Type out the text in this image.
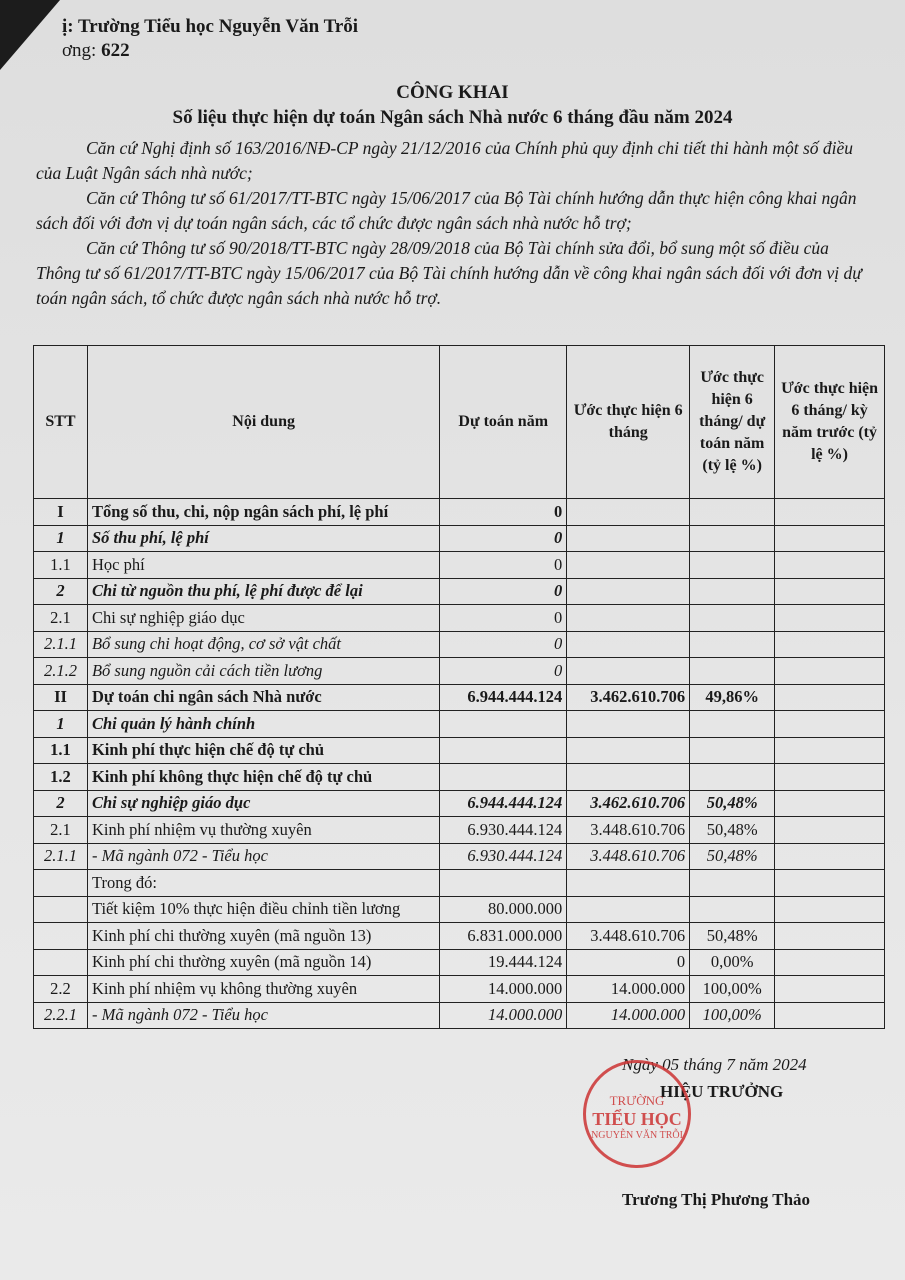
ị: Trường Tiểu học Nguyễn Văn Trỗi
ơng: 622
CÔNG KHAI
Số liệu thực hiện dự toán Ngân sách Nhà nước 6 tháng đầu năm 2024

Căn cứ Nghị định số 163/2016/NĐ-CP ngày 21/12/2016 của Chính phủ quy định chi tiết thi hành một số điều của Luật Ngân sách nhà nước;

Căn cứ Thông tư số 61/2017/TT-BTC ngày 15/06/2017 của Bộ Tài chính hướng dẫn thực hiện công khai ngân sách đối với đơn vị dự toán ngân sách, các tổ chức được ngân sách nhà nước hỗ trợ;

Căn cứ Thông tư số 90/2018/TT-BTC ngày 28/09/2018 của Bộ Tài chính sửa đổi, bổ sung một số điều của Thông tư số 61/2017/TT-BTC ngày 15/06/2017 của Bộ Tài chính hướng dẫn về công khai ngân sách đối với đơn vị dự toán ngân sách, tổ chức được ngân sách nhà nước hỗ trợ.

STT	Nội dung	Dự toán năm	Ước thực hiện 6 tháng	Ước thực hiện 6 tháng/ dự toán năm (tỷ lệ %)	Ước thực hiện 6 tháng/ kỳ năm trước (tỷ lệ %)
I	Tổng số thu, chi, nộp ngân sách phí, lệ phí	0			
1	Số thu phí, lệ phí	0			
1.1	Học phí	0			
2	Chi từ nguồn thu phí, lệ phí được để lại	0			
2.1	Chi sự nghiệp giáo dục	0			
2.1.1	Bổ sung chi hoạt động, cơ sở vật chất	0			
2.1.2	Bổ sung nguồn cải cách tiền lương	0			
II	Dự toán chi ngân sách Nhà nước	6.944.444.124	3.462.610.706	49,86%	
1	Chi quản lý hành chính				
1.1	Kinh phí thực hiện chế độ tự chủ				
1.2	Kinh phí không thực hiện chế độ tự chủ				
2	Chi sự nghiệp giáo dục	6.944.444.124	3.462.610.706	50,48%	
2.1	Kinh phí nhiệm vụ thường xuyên	6.930.444.124	3.448.610.706	50,48%	
2.1.1	- Mã ngành 072 - Tiểu học	6.930.444.124	3.448.610.706	50,48%	
	Trong đó:				
	Tiết kiệm 10% thực hiện điều chỉnh tiền lương	80.000.000			
	Kinh phí chi thường xuyên (mã nguồn 13)	6.831.000.000	3.448.610.706	50,48%	
	Kinh phí chi thường xuyên (mã nguồn 14)	19.444.124	0	0,00%	
2.2	Kinh phí nhiệm vụ không thường xuyên	14.000.000	14.000.000	100,00%	
2.2.1	- Mã ngành 072 - Tiểu học	14.000.000	14.000.000	100,00%	
Ngày 05 tháng 7 năm 2024
HIỆU TRƯỞNG
TRƯỜNG
TIỂU HỌC
NGUYỄN VĂN TRỖI
Trương Thị Phương Thảo
